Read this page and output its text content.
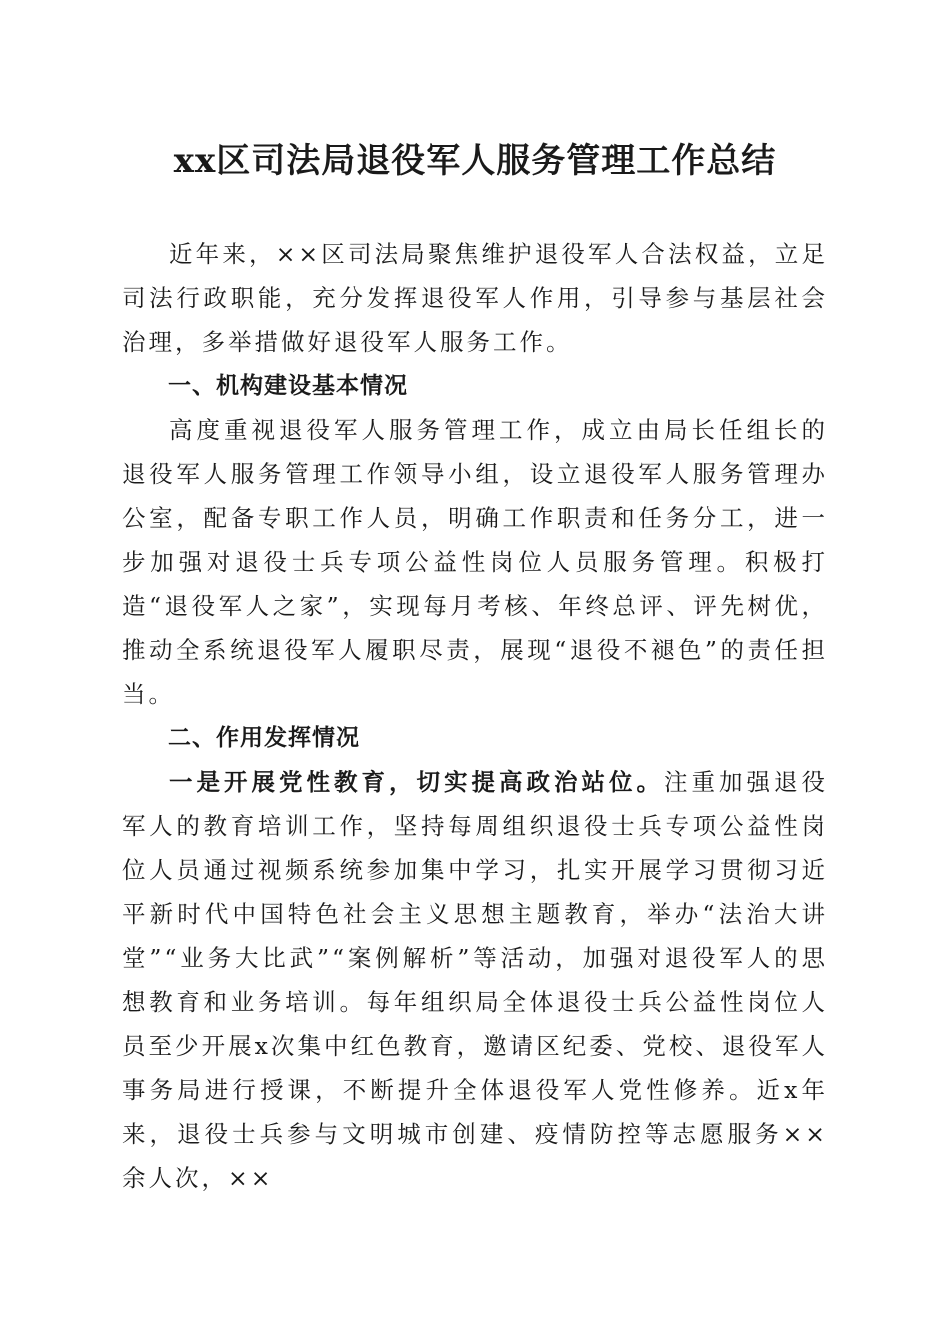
xx区司法局退役军人服务管理工作总结

近年来，××区司法局聚焦维护退役军人合法权益，立足司法行政职能，充分发挥退役军人作用，引导参与基层社会治理，多举措做好退役军人服务工作。

一、机构建设基本情况

高度重视退役军人服务管理工作，成立由局长任组长的退役军人服务管理工作领导小组，设立退役军人服务管理办公室，配备专职工作人员，明确工作职责和任务分工，进一步加强对退役士兵专项公益性岗位人员服务管理。积极打造“退役军人之家”，实现每月考核、年终总评、评先树优，推动全系统退役军人履职尽责，展现“退役不褪色”的责任担当。

二、作用发挥情况

一是开展党性教育，切实提高政治站位。注重加强退役军人的教育培训工作，坚持每周组织退役士兵专项公益性岗位人员通过视频系统参加集中学习，扎实开展学习贯彻习近平新时代中国特色社会主义思想主题教育，举办“法治大讲堂”“业务大比武”“案例解析”等活动，加强对退役军人的思想教育和业务培训。每年组织局全体退役士兵公益性岗位人员至少开展x次集中红色教育，邀请区纪委、党校、退役军人事务局进行授课，不断提升全体退役军人党性修养。近x年来，退役士兵参与文明城市创建、疫情防控等志愿服务××余人次，××
